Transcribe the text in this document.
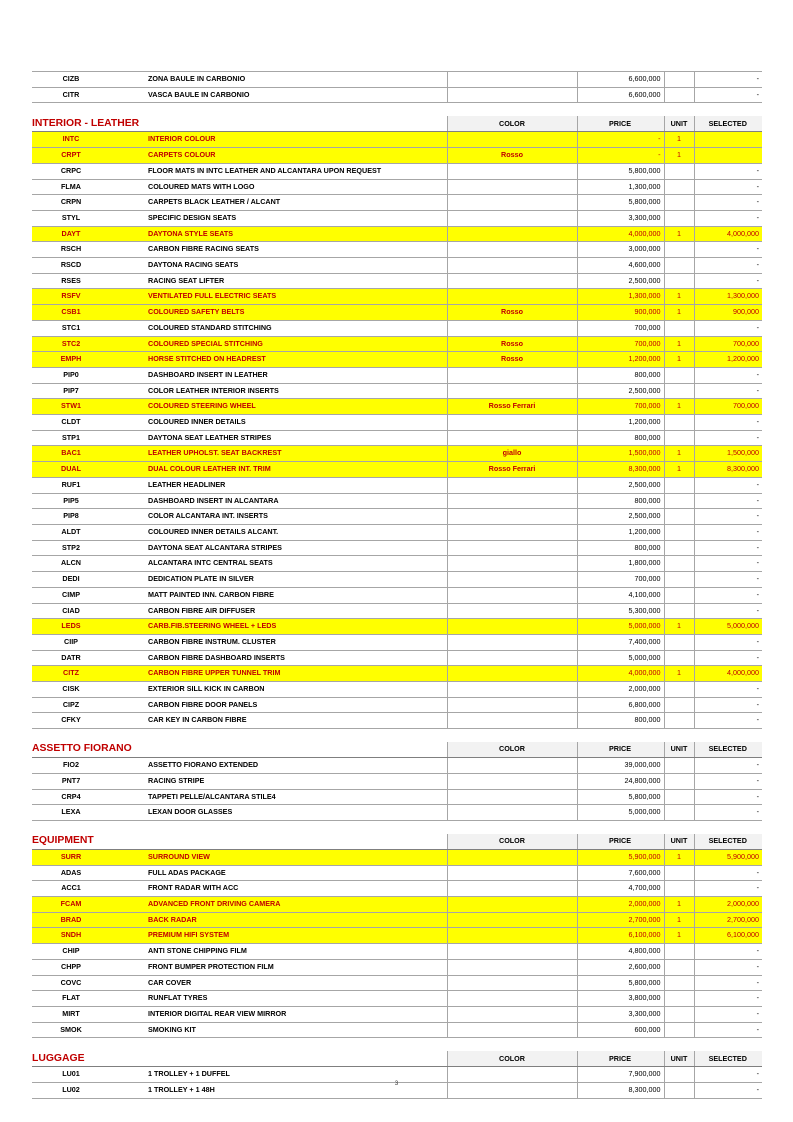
CIZB	ZONA BAULE IN CARBONIO		6,600,000		-
CITR	VASCA BAULE IN CARBONIO		6,600,000		-

INTERIOR - LEATHER		COLOR	PRICE	UNIT	SELECTED
INTC	INTERIOR COLOUR		-	1	
CRPT	CARPETS COLOUR	Rosso	-	1	
CRPC	FLOOR MATS IN INTC LEATHER AND ALCANTARA UPON REQUEST		5,800,000		-
FLMA	COLOURED MATS WITH LOGO		1,300,000		-
CRPN	CARPETS BLACK LEATHER / ALCANT		5,800,000		-
STYL	SPECIFIC DESIGN SEATS		3,300,000		-
DAYT	DAYTONA STYLE SEATS		4,000,000	1	4,000,000
RSCH	CARBON FIBRE RACING SEATS		3,000,000		-
RSCD	DAYTONA RACING SEATS		4,600,000		-
RSES	RACING SEAT LIFTER		2,500,000		-
RSFV	VENTILATED FULL ELECTRIC SEATS		1,300,000	1	1,300,000
CSB1	COLOURED SAFETY BELTS	Rosso	900,000	1	900,000
STC1	COLOURED STANDARD STITCHING		700,000		-
STC2	COLOURED SPECIAL STITCHING	Rosso	700,000	1	700,000
EMPH	HORSE STITCHED ON HEADREST	Rosso	1,200,000	1	1,200,000
PIP0	DASHBOARD INSERT IN LEATHER		800,000		-
PIP7	COLOR LEATHER INTERIOR INSERTS		2,500,000		-
STW1	COLOURED STEERING WHEEL	Rosso Ferrari	700,000	1	700,000
CLDT	COLOURED INNER DETAILS		1,200,000		-
STP1	DAYTONA SEAT LEATHER STRIPES		800,000		-
BAC1	LEATHER UPHOLST. SEAT BACKREST	giallo	1,500,000	1	1,500,000
DUAL	DUAL COLOUR LEATHER INT. TRIM	Rosso Ferrari	8,300,000	1	8,300,000
RUF1	LEATHER HEADLINER		2,500,000		-
PIP5	DASHBOARD INSERT IN ALCANTARA		800,000		-
PIP8	COLOR ALCANTARA INT. INSERTS		2,500,000		-
ALDT	COLOURED INNER DETAILS ALCANT.		1,200,000		-
STP2	DAYTONA SEAT ALCANTARA STRIPES		800,000		-
ALCN	ALCANTARA INTC CENTRAL SEATS		1,800,000		-
DEDI	DEDICATION PLATE IN SILVER		700,000		-
CIMP	MATT PAINTED INN. CARBON FIBRE		4,100,000		-
CIAD	CARBON FIBRE AIR DIFFUSER		5,300,000		-
LEDS	CARB.FIB.STEERING WHEEL + LEDS		5,000,000	1	5,000,000
CIIP	CARBON FIBRE INSTRUM. CLUSTER		7,400,000		-
DATR	CARBON FIBRE DASHBOARD INSERTS		5,000,000		-
CITZ	CARBON FIBRE UPPER TUNNEL TRIM		4,000,000	1	4,000,000
CISK	EXTERIOR SILL KICK IN CARBON		2,000,000		-
CIPZ	CARBON FIBRE DOOR PANELS		6,800,000		-
CFKY	CAR KEY IN CARBON FIBRE		800,000		-

ASSETTO FIORANO		COLOR	PRICE	UNIT	SELECTED
FIO2	ASSETTO FIORANO EXTENDED		39,000,000		-
PNT7	RACING STRIPE		24,800,000		-
CRP4	TAPPETI PELLE/ALCANTARA STILE4		5,800,000		-
LEXA	LEXAN DOOR GLASSES		5,000,000		-

EQUIPMENT		COLOR	PRICE	UNIT	SELECTED
SURR	SURROUND VIEW		5,900,000	1	5,900,000
ADAS	FULL ADAS PACKAGE		7,600,000		-
ACC1	FRONT RADAR WITH ACC		4,700,000		-
FCAM	ADVANCED FRONT DRIVING CAMERA		2,000,000	1	2,000,000
BRAD	BACK RADAR		2,700,000	1	2,700,000
SNDH	PREMIUM HIFI SYSTEM		6,100,000	1	6,100,000
CHIP	ANTI STONE CHIPPING FILM		4,800,000		-
CHPP	FRONT BUMPER PROTECTION FILM		2,600,000		-
COVC	CAR COVER		5,800,000		-
FLAT	RUNFLAT TYRES		3,800,000		-
MIRT	INTERIOR DIGITAL REAR VIEW MIRROR		3,300,000		-
SMOK	SMOKING KIT		600,000		-

LUGGAGE		COLOR	PRICE	UNIT	SELECTED
LU01	1 TROLLEY + 1 DUFFEL		7,900,000		-
LU02	1 TROLLEY + 1 48H		8,300,000		-
3
